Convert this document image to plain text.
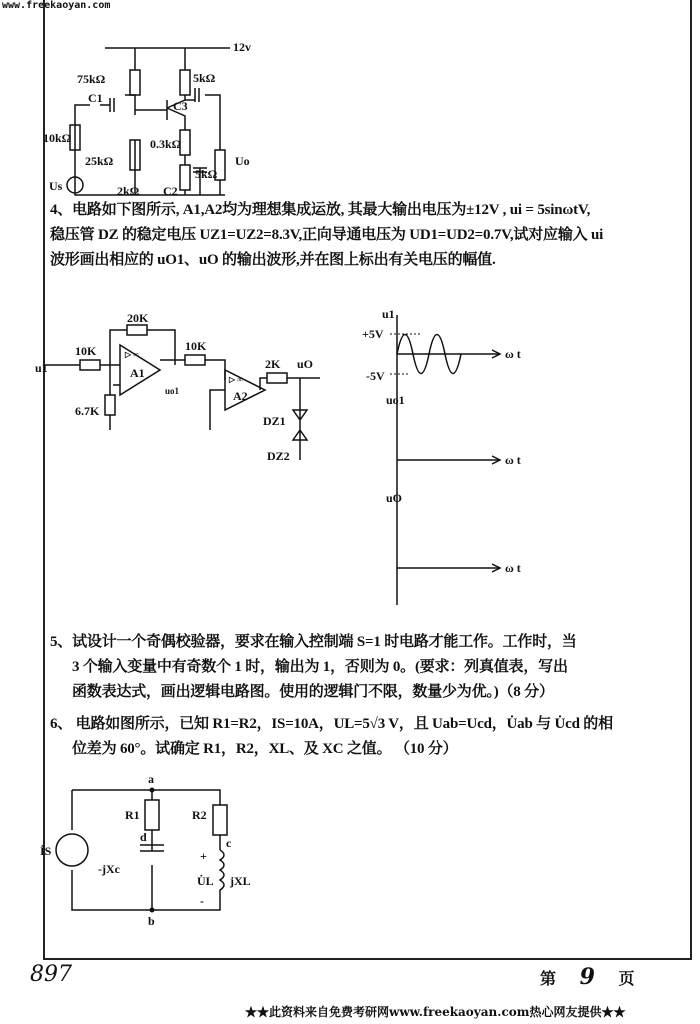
www.freekaoyan.com
12v
75kΩ	5kΩ
C1
C3
10kΩ
25kΩ
0.3kΩ
2kΩ C2
5kΩ
Us
Uo

4、电路如下图所示, A1,A2均为理想集成运放, 其最大输出电压为±12V , ui = 5sinωtV,

稳压管 DZ 的稳定电压 UZ1=UZ2=8.3V,正向导通电压为 UD1=UD2=0.7V,试对应输入 ui

波形画出相应的 uO1、uO 的输出波形,并在图上标出有关电压的幅值.

20K
10K
u1	A1
10K
A2
2K uO
uo1
6.7K
DZ1
DZ2
▷ ∞
▷ ∞
u1
+5V
-5V
ω t
uo1
ω t
uO
ω t

5、试设计一个奇偶校验器，要求在输入控制端 S=1 时电路才能工作。工作时，当

3 个输入变量中有奇数个 1 时，输出为 1，否则为 0。(要求：列真值表，写出

函数表达式，画出逻辑电路图。使用的逻辑门不限，数量少为优。)（8 分）

6、 电路如图所示，已知 R1=R2，IS=10A，UL=5√3 V，且 Uab=Ucd，U̇ab 与 U̇cd 的相

位差为 60°。试确定 R1，R2，XL、及 XC 之值。 （10 分）

a
R1	R2
İS
d	c
-jXc
+
U̇L jXL
-
b
897	第 9 页
★★此资料来自免费考研网www.freekaoyan.com热心网友提供★★
